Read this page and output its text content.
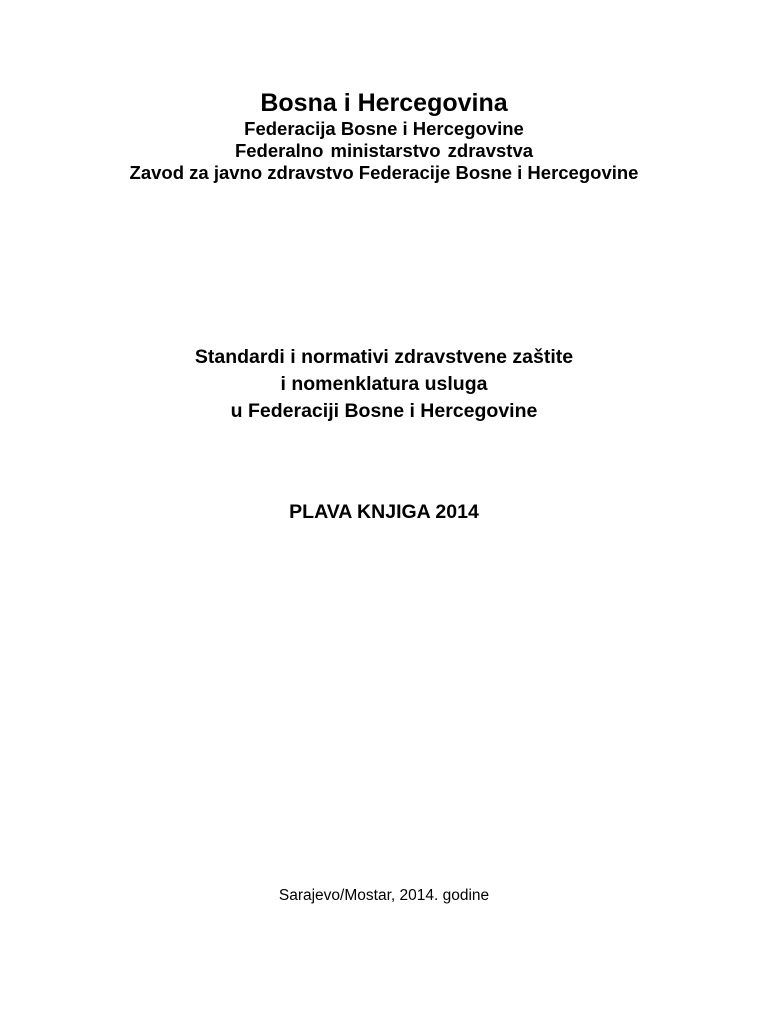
Bosna i Hercegovina
Federacija Bosne i Hercegovine
Federalno ministarstvo zdravstva
Zavod za javno zdravstvo Federacije Bosne i Hercegovine
Standardi i normativi zdravstvene zaštite
i nomenklatura usluga
u Federaciji Bosne i Hercegovine
PLAVA KNJIGA 2014
Sarajevo/Mostar, 2014. godine
